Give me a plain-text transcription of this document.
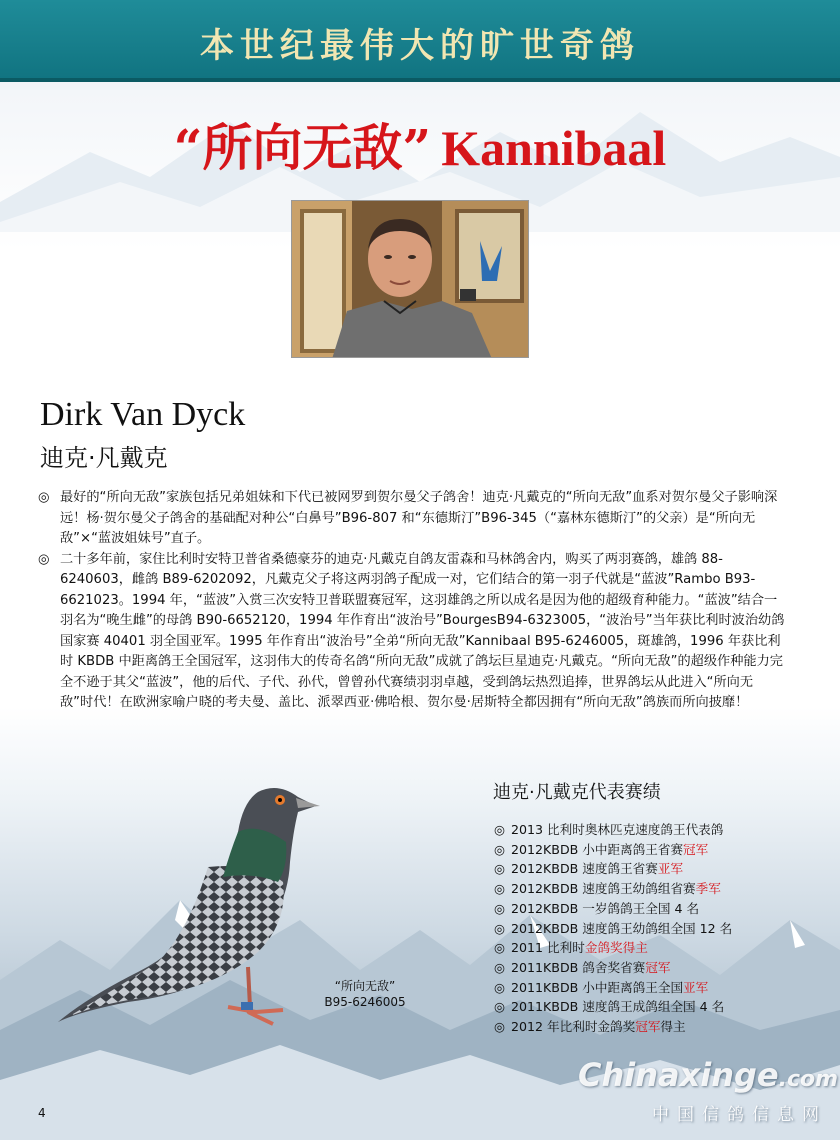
本世纪最伟大的旷世奇鸽
“所向无敌” Kannibaal
Dirk Van Dyck
迪克·凡戴克

◎ 最好的“所向无敌”家族包括兄弟姐妹和下代已被网罗到贺尔曼父子鸽舍！迪克·凡戴克的“所向无敌”血系对贺尔曼父子影响深远！杨·贺尔曼父子鸽舍的基础配对种公“白鼻号”B96-807 和“东德斯汀”B96-345（“嘉林东德斯汀”的父亲）是“所向无敌”×“蓝波姐妹号”直子。

◎ 二十多年前，家住比利时安特卫普省桑德豪芬的迪克·凡戴克自鸽友雷森和马林鸽舍内，购买了两羽赛鸽，雄鸽 88-6240603，雌鸽 B89-6202092，凡戴克父子将这两羽鸽子配成一对，它们结合的第一羽子代就是“蓝波”Rambo B93-6621023。1994 年，“蓝波”入赏三次安特卫普联盟赛冠军，这羽雄鸽之所以成名是因为他的超级育种能力。“蓝波”结合一羽名为“晚生雌”的母鸽 B90-6652120，1994 年作育出“波治号”BourgesB94-6323005，“波治号”当年获比利时波治幼鸽国家赛 40401 羽全国亚军。1995 年作育出“波治号”全弟“所向无敌”Kannibaal B95-6246005，斑雄鸽，1996 年获比利时 KBDB 中距离鸽王全国冠军，这羽伟大的传奇名鸽“所向无敌”成就了鸽坛巨星迪克·凡戴克。“所向无敌”的超级作种能力完全不逊于其父“蓝波”，他的后代、子代、孙代，曾曾孙代赛绩羽羽卓越，受到鸽坛热烈追捧，世界鸽坛从此进入“所向无敌”时代！在欧洲家喻户晓的考夫曼、盖比、派翠西亚·佛哈根、贺尔曼·居斯特全都因拥有“所向无敌”鸽族而所向披靡！

“所向无敌”
B95-6246005
迪克·凡戴克代表赛绩
◎ 2013 比利时奥林匹克速度鸽王代表鸽
◎ 2012KBDB 小中距离鸽王省赛冠军
◎ 2012KBDB 速度鸽王省赛亚军
◎ 2012KBDB 速度鸽王幼鸽组省赛季军
◎ 2012KBDB 一岁鸽鸽王全国 4 名
◎ 2012KBDB 速度鸽王幼鸽组全国 12 名
◎ 2011 比利时金鸽奖得主
◎ 2011KBDB 鸽舍奖省赛冠军
◎ 2011KBDB 小中距离鸽王全国亚军
◎ 2011KBDB 速度鸽王成鸽组全国 4 名
◎ 2012 年比利时金鸽奖冠军得主
4
Chinaxinge.com
中国信鸽信息网
